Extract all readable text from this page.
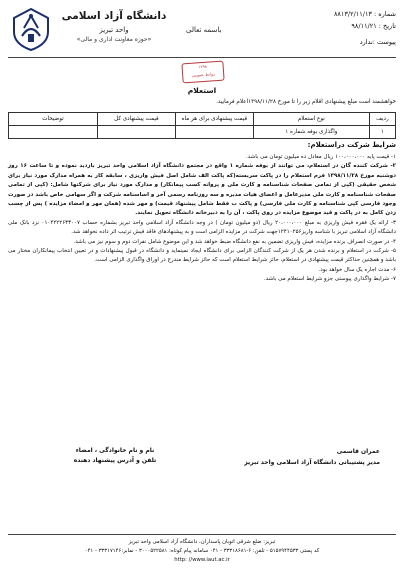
دانشگاه آزاد اسلامی
واحد تبریز
«حوزه معاونت اداری و مالی»
باسمه تعالی
شماره : ۸۸۱۳/۲/۱۱/۱۳
تاریخ : ۹۸/۱۱/۲۱
پیوست :ندارد
۱۲۹۸
روابط عمومی
استعلام
خواهشمند است مبلغ پیشنهادی اقلام زیر را تا مورخ ۱۳۹۸/۱۱/۲۸اعلام فرمایید.
ردیف	نوع استعلام	قیمت پیشنهادی برای هر ماه	قیمت پیشنهادی کل	توضیحات
۱	واگذاری بوفه شماره ۱			
شرایط شرکت دراستعلام:

۱- قیمت پایه ۱۰۰،۰۰۰،۰۰۰ ریال معادل ده میلیون تومان می باشد.

۲- شرکت کننده گان در استعلام، می توانند از بوفه شماره ۱ واقع در مجتمع دانشگاه آزاد اسلامی واحد تبریز بازدید نموده و تا ساعت ۱۶ روز دوشنبه مورخ ۱۳۹۸/۱۱/۲۸ فرم استعلام را در پاکت سربسته(که پاکت الف شامل اصل فیش واریزی ، سابقه کار به همراه مدارک مورد نیاز برای شخص حقیقی (کپی از تمامی صفحات شناسنامه و کارت ملی و پروانه کسب پیمانکار) و مدارک مورد نیاز برای شرکتها شامل: (کپی از تمامی صفحات شناسنامه و کارت ملی مدیرعامل و اعضای هیات مدیره و سه روزنامه رسمی آخر و اساسنامه شرکت و اگر سهامی خاص باشد در صورت وجود فارسی کپی شناسنامه و کارت ملی فارسی) و پاکت ب فقط شامل پیشنهاد قیمت) و مهر شده (همان مهر و امضاء مزایده ) پس از چسب زدن کامل به در پاکت و قید موضوع مزایده در روی پاکت ، آن را به دبیرخانه دانشگاه تحویل نمایند.

۳- ارائه یک فقره فیش واریزی به مبلغ ۲۰،۰۰۰،۰۰۰ ریال (دو میلیون تومان ) در وجه دانشگاه آزاد اسلامی واحد تبریز بشماره حساب ۰۱۰۴۲۲۲۶۳۳۰۰۷ نزد بانک ملی دانشگاه آزاد اسلامی تبریز با شناسه واریز۱۲۴۱۰۲۵۶جهت شرکت در مزایده الزامی است و به پیشنهادهای فاقد فیش ترتیب اثر داده نخواهد شد.

۴- در صورت انصراف برنده مزایده، فیش واریزی تضمین به نفع دانشگاه ضبط خواهد شد و این موضوع شامل نفرات دوم و سوم نیز می باشد.

۵- شرکت در استعلام و برنده شدن هر یک از شرکت کنندگان الزامی برای دانشگاه ایجاد نمینماید و دانشگاه در قبول پیشنهادات و در تعیین انتخاب پیمانکاران مختار می باشد و همچنین حداکثر قیمت پیشنهادی در استعلام، حائز شرایط استعلام است که حائز شرایط مندرج در اوراق واگذاری الزامی است.

۶- مدت اجاره یک سال خواهد بود.

۷- شرایط واگذاری پیوستی جزو شرایط استعلام می باشد.

نام و نام خانوادگی ، امضاء
تلفن و آدرس پیشنهاد دهنده
عمران قاسمی
مدیر پشتیبانی دانشگاه آزاد اسلامی واحد تبریز
تبریز: ضلع شرقی اتوبان پاسداران، دانشگاه آزاد اسلامی واحد تبریز
کد پستی ۵۱۵۷۹۴۴۵۳۳ - تلفن: ۶-۳۳۳۱۸۶۸۱ - ۰۴۱ سامانه پیام کوتاه: ۳۰۰۰۵۲۲۵۸۱ - نمابر:۳۳۳۱۷۱۴۶ - ۰۴۱
http: //www.iaut.ac.ir
